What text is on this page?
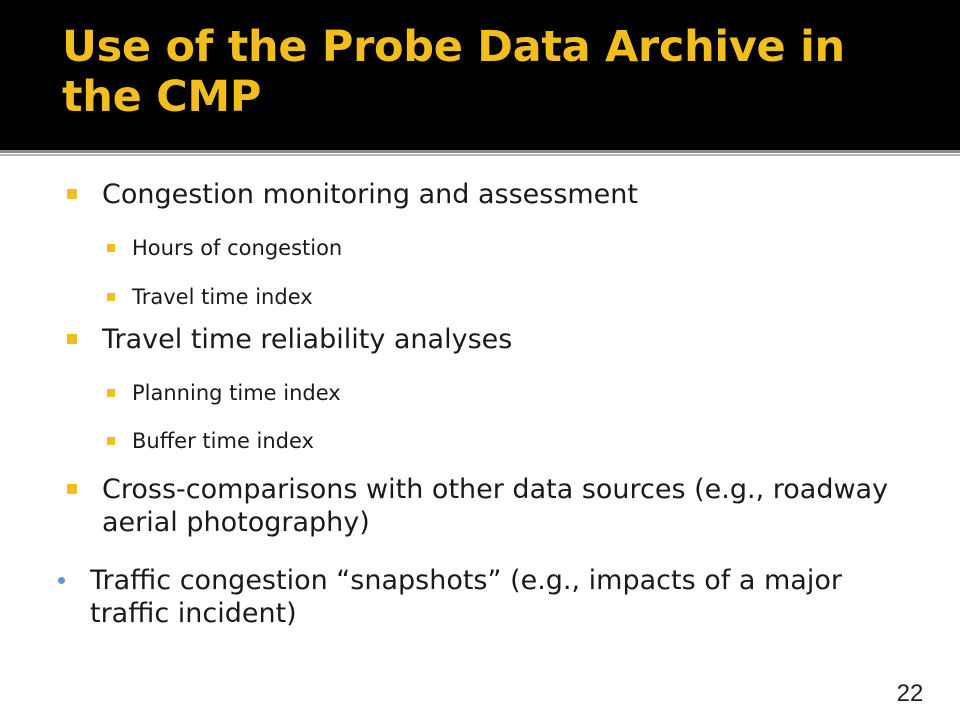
Use of the Probe Data Archive in the CMP
Congestion monitoring and assessment
Hours of congestion
Travel time index
Travel time reliability analyses
Planning time index
Buffer time index
Cross-comparisons with other data sources (e.g., roadway aerial photography)
Traffic congestion “snapshots” (e.g., impacts of a major traffic incident)
22
